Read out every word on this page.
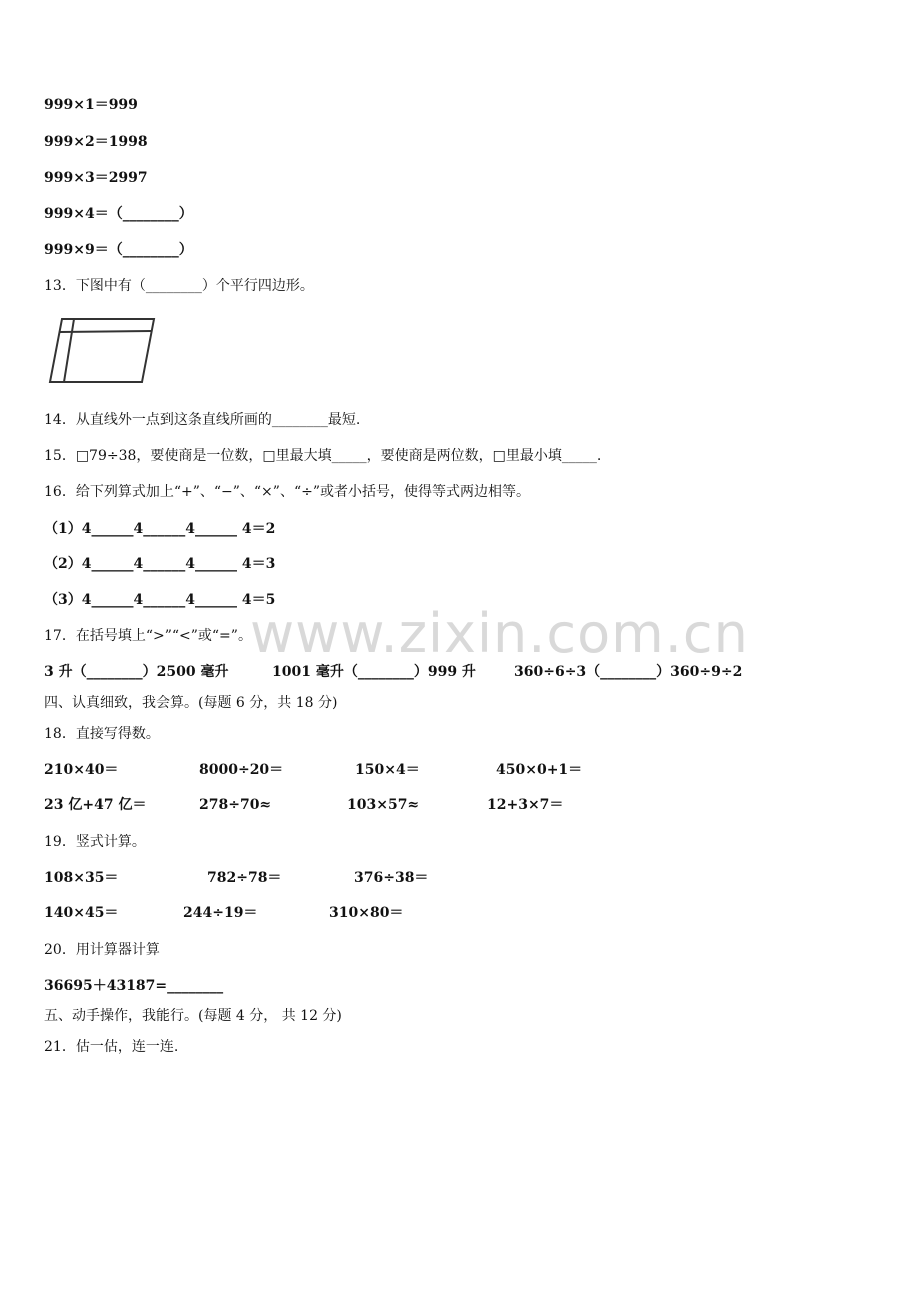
www.zixin.com.cn
999×1＝999
999×2＝1998
999×3＝2997
999×4＝（________）
999×9＝（________）
13．下图中有（________）个平行四边形。
14．从直线外一点到这条直线所画的________最短.
15．□79÷38，要使商是一位数，□里最大填_____，要使商是两位数，□里最小填_____.
16．给下列算式加上“+”、“−”、“×”、“÷”或者小括号，使得等式两边相等。
（1）4______4______4______ 4＝2
（2）4______4______4______ 4＝3
（3）4______4______4______ 4＝5
17．在括号填上“>”“<”或“=”。
3 升（________）2500 毫升	1001 毫升（________）999 升	360÷6÷3（________）360÷9÷2
四、认真细致，我会算。(每题 6 分，共 18 分)
18．直接写得数。
210×40＝	8000÷20＝	150×4＝	450×0+1＝
23 亿+47 亿＝	278÷70≈	103×57≈	12+3×7＝
19．竖式计算。
108×35＝	782÷78＝	376÷38＝
140×45＝	244÷19＝	310×80＝
20．用计算器计算
36695＋43187=________
五、动手操作，我能行。(每题 4 分， 共 12 分)
21．估一估，连一连.
